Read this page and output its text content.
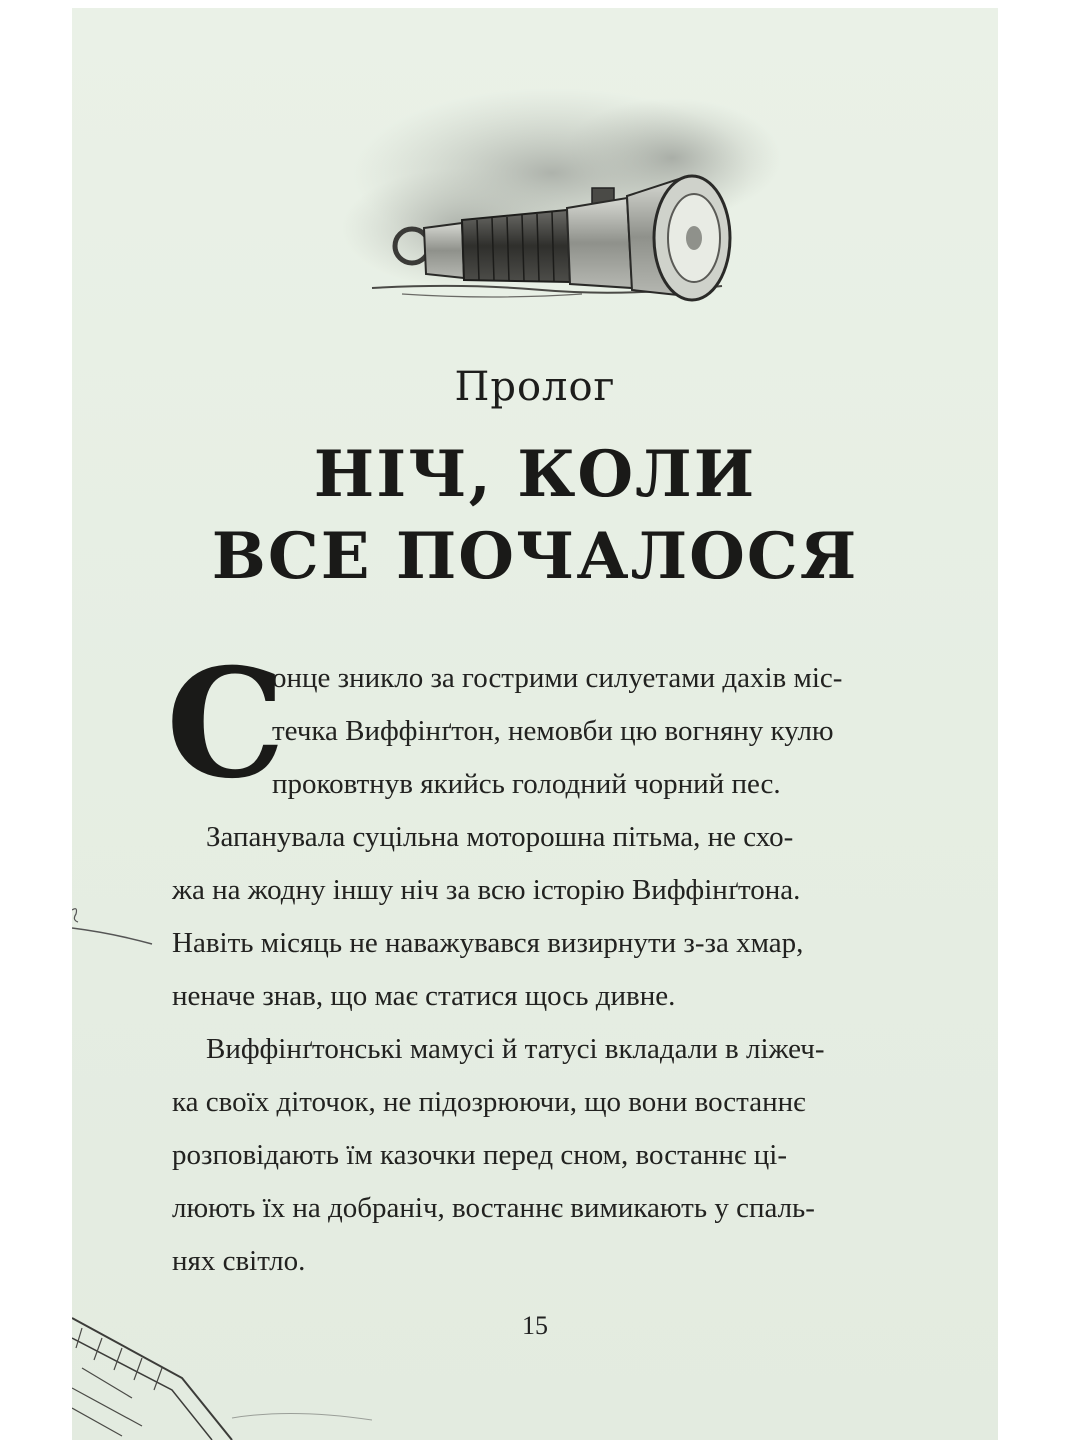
Пролог
НІЧ, КОЛИ
ВСЕ ПОЧАЛОСЯ
С
онце зникло за гострими силуетами дахів міс-
течка Виффінґтон, немовби цю вогняну кулю
проковтнув якийсь голодний чорний пес.
Запанувала суцільна моторошна пітьма, не схо-
жа на жодну іншу ніч за всю історію Виффінґтона.
Навіть місяць не наважувався визирнути з-за хмар,
неначе знав, що має статися щось дивне.
Виффінґтонські мамусі й татусі вкладали в ліжеч-
ка своїх діточок, не підозрюючи, що вони востаннє
розповідають їм казочки перед сном, востаннє ці-
люють їх на добраніч, востаннє вимикають у спаль-
нях світло.
15
